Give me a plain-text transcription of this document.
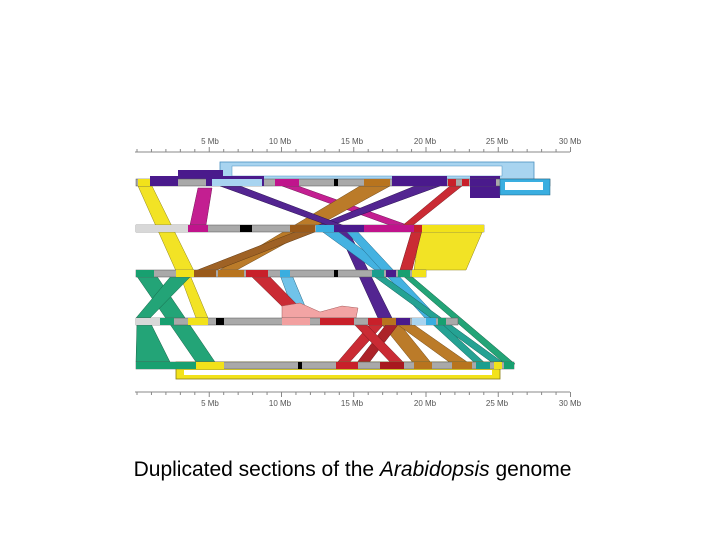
5 Mb	10 Mb	15 Mb	20 Mb	25 Mb	30 Mb
5 Mb	10 Mb	15 Mb	20 Mb	25 Mb	30 Mb
Duplicated sections of the Arabidopsis genome
